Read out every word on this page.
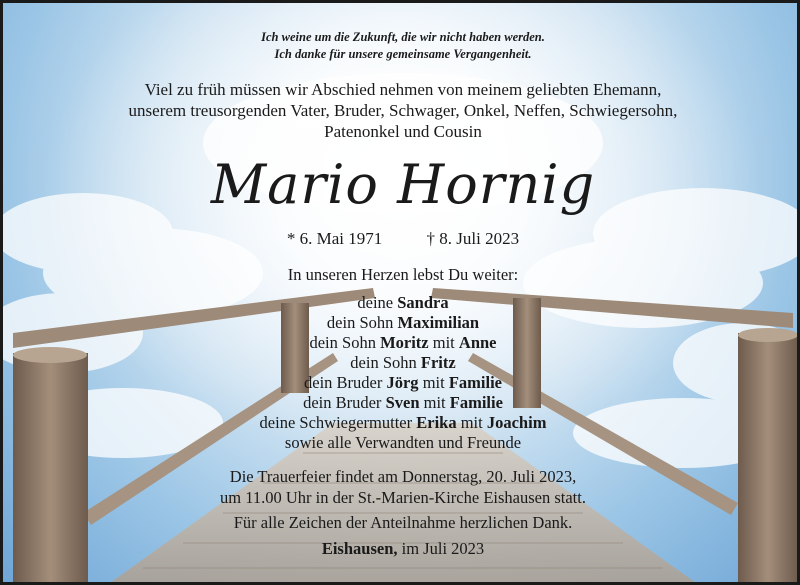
Ich weine um die Zukunft, die wir nicht haben werden.
Ich danke für unsere gemeinsame Vergangenheit.
Viel zu früh müssen wir Abschied nehmen von meinem geliebten Ehemann,
unserem treusorgenden Vater, Bruder, Schwager, Onkel, Neffen, Schwiegersohn,
Patenonkel und Cousin
Mario Hornig
* 6. Mai 1971	† 8. Juli 2023
In unseren Herzen lebst Du weiter:
deine Sandra
dein Sohn Maximilian
dein Sohn Moritz mit Anne
dein Sohn Fritz
dein Bruder Jörg mit Familie
dein Bruder Sven mit Familie
deine Schwiegermutter Erika mit Joachim
sowie alle Verwandten und Freunde
Die Trauerfeier findet am Donnerstag, 20. Juli 2023,
um 11.00 Uhr in der St.-Marien-Kirche Eishausen statt.
Für alle Zeichen der Anteilnahme herzlichen Dank.
Eishausen, im Juli 2023
